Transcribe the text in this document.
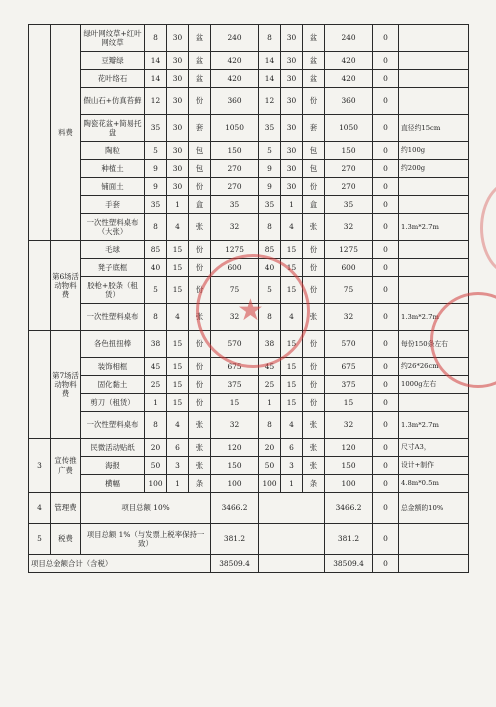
	料费	绿叶网纹草+红叶网纹草	8	30	盆	240	8	30	盆	240	0	
		豆瓣绿	14	30	盆	420	14	30	盆	420	0	
		花叶络石	14	30	盆	420	14	30	盆	420	0	
		假山石+仿真苔藓	12	30	份	360	12	30	份	360	0	
		陶瓷花盆+简易托盘	35	30	套	1050	35	30	套	1050	0	直径约15cm
		陶粒	5	30	包	150	5	30	包	150	0	约100g
		种植土	9	30	包	270	9	30	包	270	0	约200g
		铺面土	9	30	份	270	9	30	份	270	0	
		手套	35	1	盒	35	35	1	盒	35	0	
		一次性塑料桌布（大张）	8	4	张	32	8	4	张	32	0	1.3m*2.7m
	第6场活动物料费	毛球	85	15	份	1275	85	15	份	1275	0	
		凳子底框	40	15	份	600	40	15	份	600	0	
		胶枪+胶条（租赁）	5	15	份	75	5	15	份	75	0	
		一次性塑料桌布	8	4	张	32	8	4	张	32	0	1.3m*2.7m
	第7场活动物料费	各色扭扭棒	38	15	份	570	38	15	份	570	0	每份150条左右
		装饰相框	45	15	份	675	45	15	份	675	0	约26*26cm
		固化黏土	25	15	份	375	25	15	份	375	0	1000g左右
		剪刀（租赁）	1	15	份	15	1	15	份	15	0	
		一次性塑料桌布	8	4	张	32	8	4	张	32	0	1.3m*2.7m
3	宣传推广费	民微活动贴纸	20	6	张	120	20	6	张	120	0	尺寸A3，
		海报	50	3	张	150	50	3	张	150	0	设计+制作
		横幅	100	1	条	100	100	1	条	100	0	4.8m*0.5m
4	管理费	项目总额 10%				3466.2				3466.2	0	总金额的10%
5	税费	项目总额 1%（与发票上税率保持一致）				381.2				381.2	0	
项目总金额合计（含税）						38509.4				38509.4	0	
★
